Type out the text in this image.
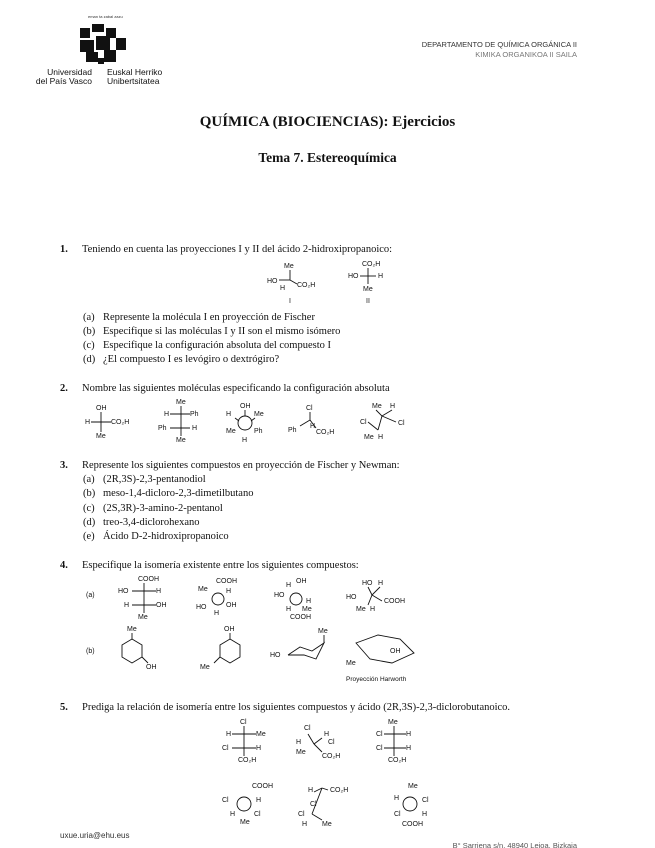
eman ta zabal zazu
Universidad
del País Vasco
Euskal Herriko
Unibertsitatea
DEPARTAMENTO DE QUÍMICA ORGÁNICA II
KIMIKA ORGANIKOA II SAILA
QUÍMICA (BIOCIENCIAS): Ejercicios
Tema 7. Estereoquímica
1. Teniendo en cuenta las proyecciones I y II del ácido 2-hidroxipropanoico:
Me
HO
CO₂H
H
I
CO₂H
HO	H
Me
II
(a) Represente la molécula I en proyección de Fischer
(b) Especifique si las moléculas I y II son el mismo isómero
(c) Especifique la configuración absoluta del compuesto I
(d) ¿El compuesto I es levógiro o dextrógiro?
2. Nombre las siguientes moléculas especificando la configuración absoluta
OH
H	CO₂H
Me
Me
H	Ph
Ph	H
Me
OH
H	Me
Me	Ph
H
Cl
Ph
H
CO₂H
Me H
Cl
Cl
Me H
3. Represente los siguientes compuestos en proyección de Fischer y Newman:
(a) (2R,3S)-2,3-pentanodiol
(b) meso-1,4-dicloro-2,3-dimetilbutano
(c) (2S,3R)-3-amino-2-pentanol
(d) treo-3,4-diclorohexano
(e) Ácido D-2-hidroxipropanoico
4. Especifique la isomería existente entre los siguientes compuestos:
(a)
COOH
HO	H
H	OH
Me
COOH
Me	H
HO	OH
H
H
OH
HO
H
H Me
COOH
HO H
COOH
HO
Me H
(b)
Me
OH
OH
Me
Me
HO
Me
OH
Proyección Harworth
5. Prediga la relación de isomería entre los siguientes compuestos y ácido (2R,3S)-2,3-diclorobutanoico.
Cl
H	Me
Cl	H
CO₂H
Cl
H
Me
H
Cl
CO₂H
Me
Cl	H
Cl	H
CO₂H
COOH
Cl	H
H	Cl
Me
H CO₂H
Cl
Cl
H Me
Me
H	Cl
Cl	H
COOH
uxue.uria@ehu.eus
B° Sarriena s/n, 48940 Leioa, Bizkaia
